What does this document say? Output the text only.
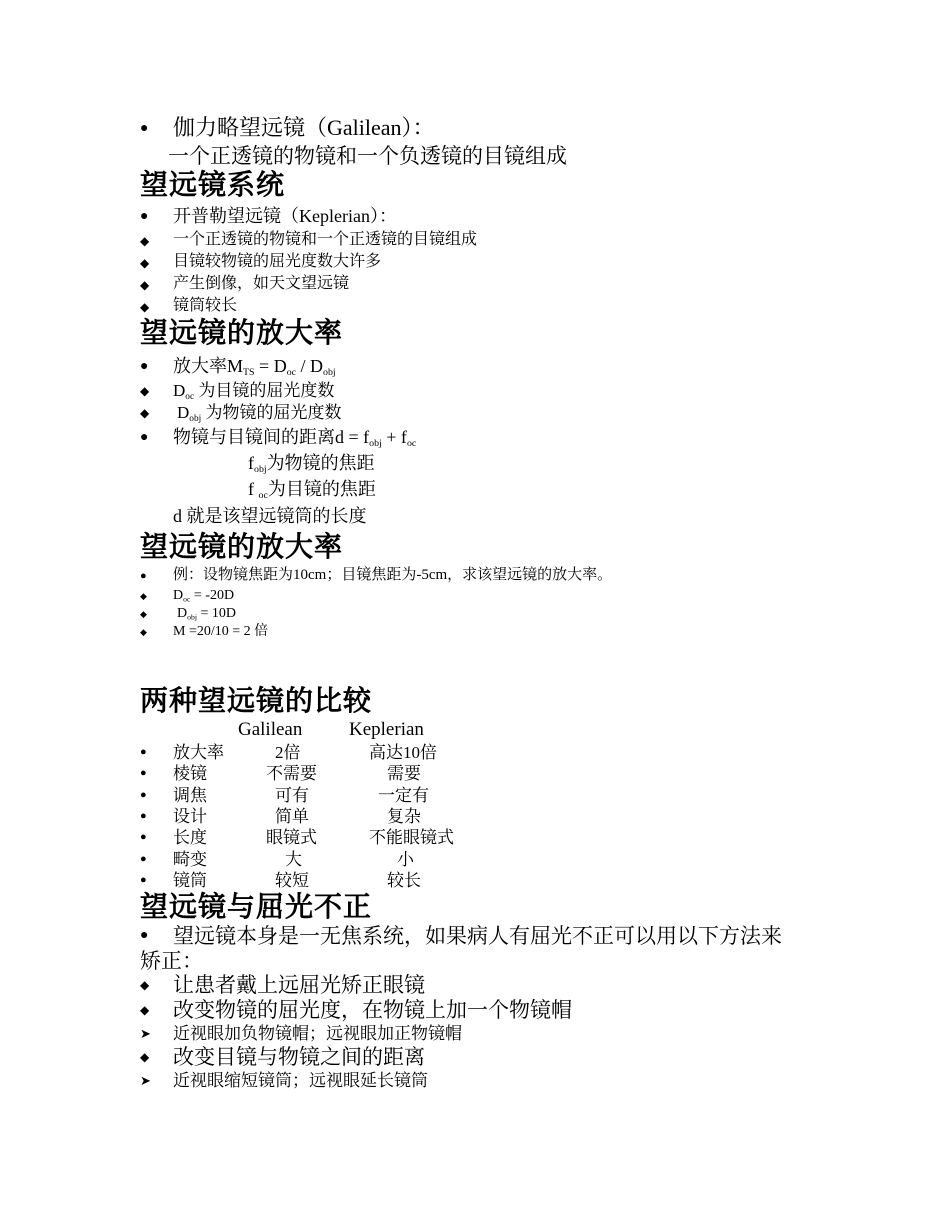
● 伽力略望远镜（Galilean）：
一个正透镜的物镜和一个负透镜的目镜组成
望远镜系统
● 开普勒望远镜（Keplerian）：
◆ 一个正透镜的物镜和一个正透镜的目镜组成
◆ 目镜较物镜的屈光度数大许多
◆ 产生倒像，如天文望远镜
◆ 镜筒较长
望远镜的放大率
● 放大率$M_{TS} = D_{oc} / D_{obj}$
◆ $D_{oc}$ 为目镜的屈光度数
◆ $D_{obj}$ 为物镜的屈光度数
● 物镜与目镜间的距离$d = f_{obj} + f_{oc}$
$f_{obj}$为物镜的焦距
f $_{oc}$为目镜的焦距
d 就是该望远镜筒的长度
望远镜的放大率
● 例：设物镜焦距为10cm；目镜焦距为-5cm，求该望远镜的放大率。
◆ $D_{oc} = -20D$
◆ $D_{obj} = 10D$
◆ M =20/10 = 2 倍
两种望远镜的比较
Galilean Keplerian
● 放大率	2倍	高达10倍
● 棱镜	不需要	需要
● 调焦	可有	一定有
● 设计	简单	复杂
● 长度	眼镜式	不能眼镜式
● 畸变	大	小
● 镜筒	较短	较长
望远镜与屈光不正
● 望远镜本身是一无焦系统，如果病人有屈光不正可以用以下方法来
矫正：
◆ 让患者戴上远屈光矫正眼镜
◆ 改变物镜的屈光度，在物镜上加一个物镜帽
➤ 近视眼加负物镜帽；远视眼加正物镜帽
◆ 改变目镜与物镜之间的距离
➤ 近视眼缩短镜筒；远视眼延长镜筒
